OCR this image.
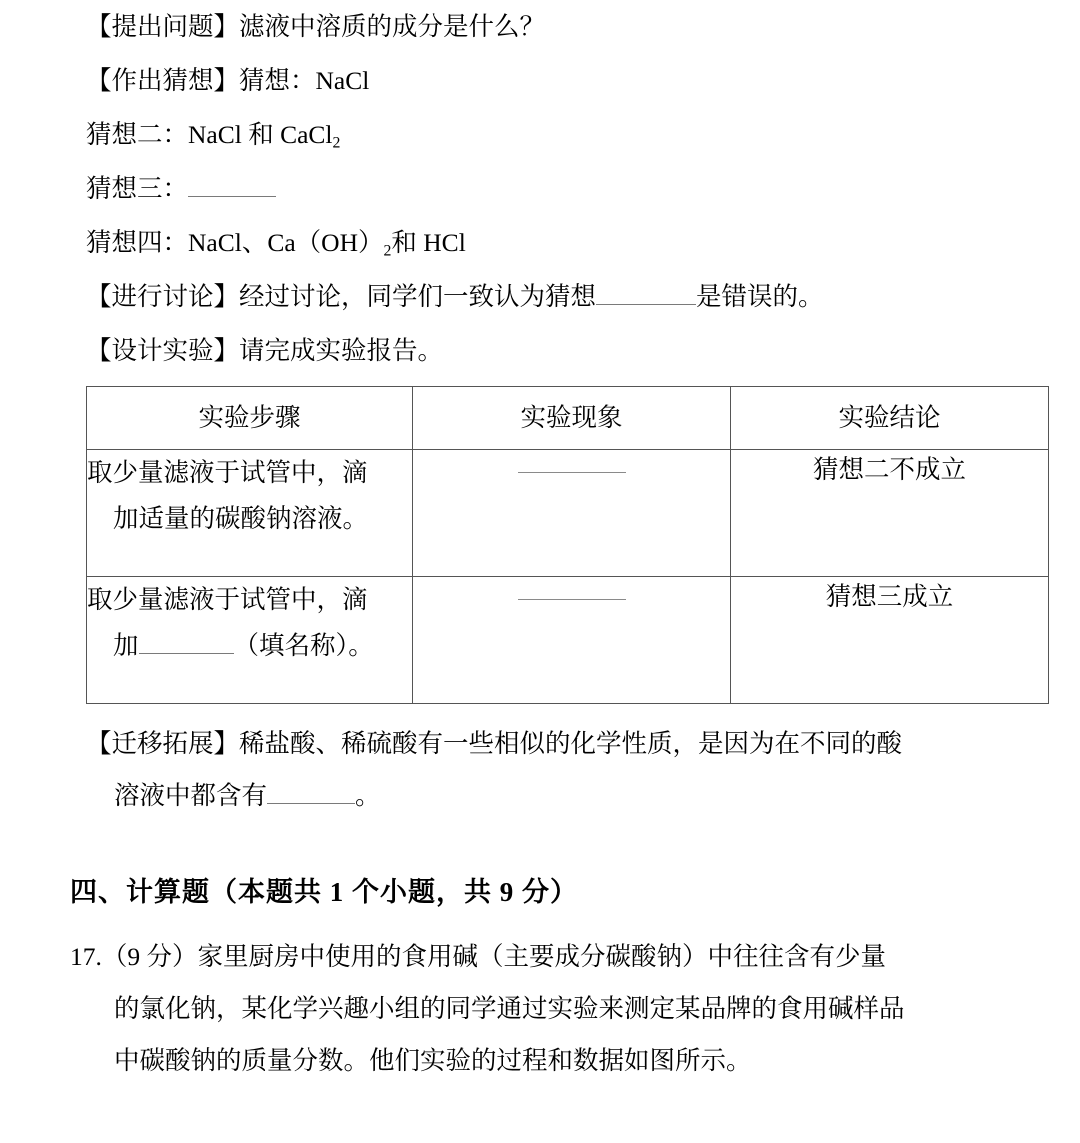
【提出问题】滤液中溶质的成分是什么？
【作出猜想】猜想：NaCl
猜想二：NaCl 和 CaCl$_2$
猜想三：
猜想四：NaCl、$Ca(OH)_2$和 HCl
【进行讨论】经过讨论，同学们一致认为猜想	是错误的。
【设计实验】请完成实验报告。
实验步骤	实验现象	实验结论

取少量滤液于试管中，滴
加适量的碳酸钠溶液。		猜想二不成立

取少量滤液于试管中，滴
加 （填名称）。		猜想三成立
【迁移拓展】稀盐酸、稀硫酸有一些相似的化学性质，是因为在不同的酸
溶液中都含有	。
四、计算题（本题共 1 个小题，共 9 分）
17.（9 分）家里厨房中使用的食用碱（主要成分碳酸钠）中往往含有少量
的氯化钠，某化学兴趣小组的同学通过实验来测定某品牌的食用碱样品
中碳酸钠的质量分数。他们实验的过程和数据如图所示。
